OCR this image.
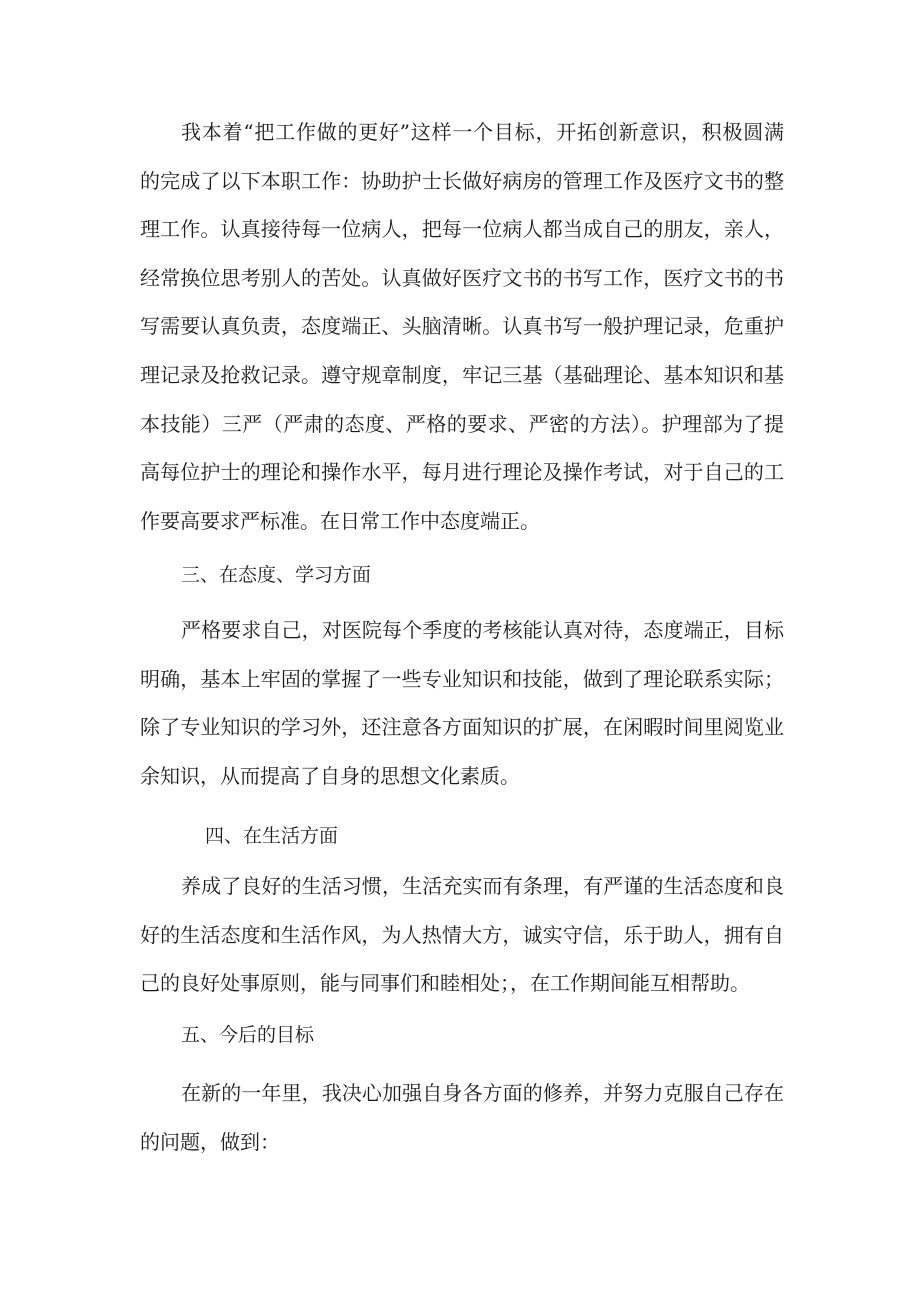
我本着“把工作做的更好”这样一个目标，开拓创新意识，积极圆满
的完成了以下本职工作：协助护士长做好病房的管理工作及医疗文书的整
理工作。认真接待每一位病人，把每一位病人都当成自己的朋友，亲人，
经常换位思考别人的苦处。认真做好医疗文书的书写工作，医疗文书的书
写需要认真负责，态度端正、头脑清晰。认真书写一般护理记录，危重护
理记录及抢救记录。遵守规章制度，牢记三基（基础理论、基本知识和基
本技能）三严（严肃的态度、严格的要求、严密的方法）。护理部为了提
高每位护士的理论和操作水平，每月进行理论及操作考试，对于自己的工
作要高要求严标准。在日常工作中态度端正。
三、在态度、学习方面
严格要求自己，对医院每个季度的考核能认真对待，态度端正，目标
明确，基本上牢固的掌握了一些专业知识和技能，做到了理论联系实际；
除了专业知识的学习外，还注意各方面知识的扩展，在闲暇时间里阅览业
余知识，从而提高了自身的思想文化素质。
四、在生活方面
养成了良好的生活习惯，生活充实而有条理，有严谨的生活态度和良
好的生活态度和生活作风，为人热情大方，诚实守信，乐于助人，拥有自
己的良好处事原则，能与同事们和睦相处；，在工作期间能互相帮助。
五、今后的目标
在新的一年里，我决心加强自身各方面的修养，并努力克服自己存在
的问题，做到：
